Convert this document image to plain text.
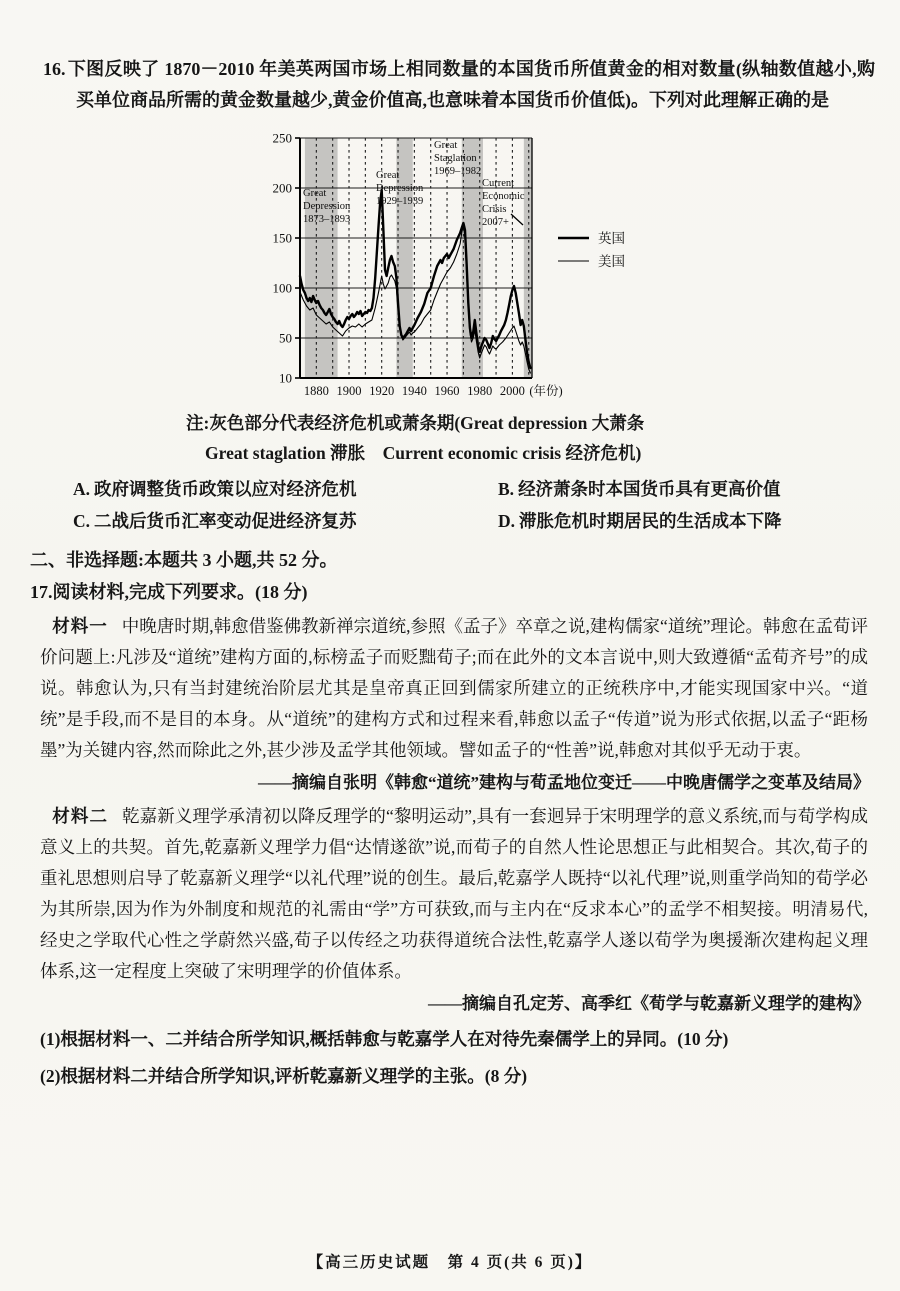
16. 下图反映了 1870－2010 年美英两国市场上相同数量的本国货币所值黄金的相对数量(纵轴数值越小,购买单位商品所需的黄金数量越少,黄金价值高,也意味着本国货币价值低)。下列对此理解正确的是
10
50
100
150
200
250
1880 1900 1920 1940 1960 1980 2000 (年份)
Great
Depression
1873–1893
Great
Depression
1929–1939
Great
Staglation
1969–1982
Current
Economic
Crisis
2007+
英国
美国
注:灰色部分代表经济危机或萧条期(Great depression 大萧条
Great staglation 滞胀　Current economic crisis 经济危机)
A. 政府调整货币政策以应对经济危机	B. 经济萧条时本国货币具有更高价值
C. 二战后货币汇率变动促进经济复苏	D. 滞胀危机时期居民的生活成本下降
二、非选择题:本题共 3 小题,共 52 分。
17.阅读材料,完成下列要求。(18 分)

材料一 中晚唐时期,韩愈借鉴佛教新禅宗道统,参照《孟子》卒章之说,建构儒家“道统”理论。韩愈在孟荀评价问题上:凡涉及“道统”建构方面的,标榜孟子而贬黜荀子;而在此外的文本言说中,则大致遵循“孟荀齐号”的成说。韩愈认为,只有当封建统治阶层尤其是皇帝真正回到儒家所建立的正统秩序中,才能实现国家中兴。“道统”是手段,而不是目的本身。从“道统”的建构方式和过程来看,韩愈以孟子“传道”说为形式依据,以孟子“距杨墨”为关键内容,然而除此之外,甚少涉及孟学其他领域。譬如孟子的“性善”说,韩愈对其似乎无动于衷。

——摘编自张明《韩愈“道统”建构与荀孟地位变迁——中晚唐儒学之变革及结局》

材料二 乾嘉新义理学承清初以降反理学的“黎明运动”,具有一套迥异于宋明理学的意义系统,而与荀学构成意义上的共契。首先,乾嘉新义理学力倡“达情遂欲”说,而荀子的自然人性论思想正与此相契合。其次,荀子的重礼思想则启导了乾嘉新义理学“以礼代理”说的创生。最后,乾嘉学人既持“以礼代理”说,则重学尚知的荀学必为其所崇,因为作为外制度和规范的礼需由“学”方可获致,而与主内在“反求本心”的孟学不相契接。明清易代,经史之学取代心性之学蔚然兴盛,荀子以传经之功获得道统合法性,乾嘉学人遂以荀学为奥援渐次建构起义理体系,这一定程度上突破了宋明理学的价值体系。

——摘编自孔定芳、高季红《荀学与乾嘉新义理学的建构》
(1)根据材料一、二并结合所学知识,概括韩愈与乾嘉学人在对待先秦儒学上的异同。(10 分)
(2)根据材料二并结合所学知识,评析乾嘉新义理学的主张。(8 分)
【高三历史试题　第 4 页(共 6 页)】
